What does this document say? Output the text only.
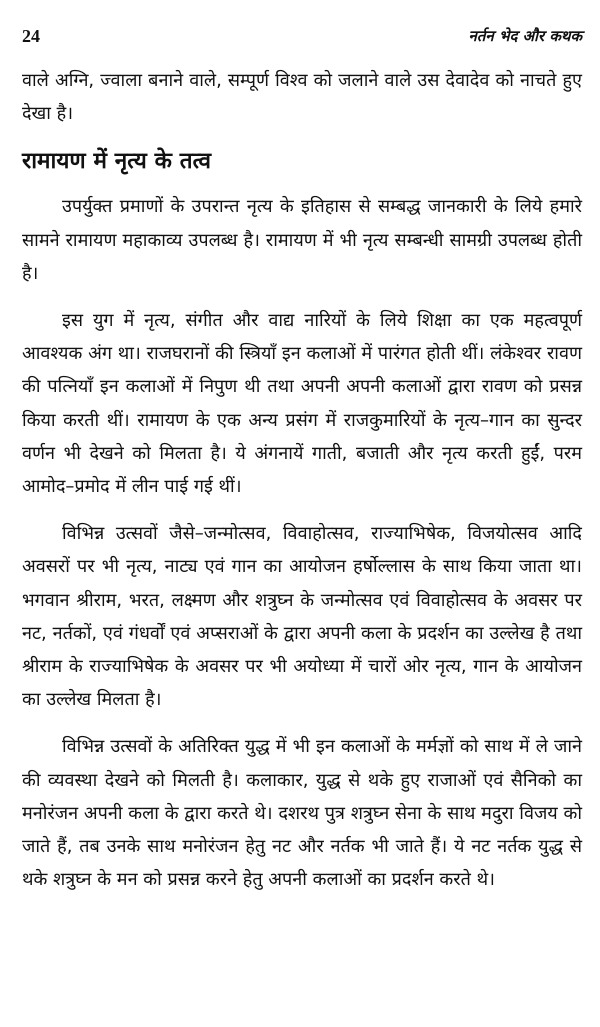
24	नर्तन भेद और कथक

वाले अग्नि, ज्वाला बनाने वाले, सम्पूर्ण विश्व को जलाने वाले उस देवादेव को नाचते हुए देखा है।

रामायण में नृत्य के तत्व

उपर्युक्त प्रमाणों के उपरान्त नृत्य के इतिहास से सम्बद्ध जानकारी के लिये हमारे सामने रामायण महाकाव्य उपलब्ध है। रामायण में भी नृत्य सम्बन्धी सामग्री उपलब्ध होती है।

इस युग में नृत्य, संगीत और वाद्य नारियों के लिये शिक्षा का एक महत्वपूर्ण आवश्यक अंग था। राजघरानों की स्त्रियाँ इन कलाओं में पारंगत होती थीं। लंकेश्वर रावण की पत्नियाँ इन कलाओं में निपुण थी तथा अपनी अपनी कलाओं द्वारा रावण को प्रसन्न किया करती थीं। रामायण के एक अन्य प्रसंग में राजकुमारियों के नृत्य–गान का सुन्दर वर्णन भी देखने को मिलता है। ये अंगनायें गाती, बजाती और नृत्य करती हुईं, परम आमोद–प्रमोद में लीन पाई गई थीं।

विभिन्न उत्सवों जैसे–जन्मोत्सव, विवाहोत्सव, राज्याभिषेक, विजयोत्सव आदि अवसरों पर भी नृत्य, नाट्य एवं गान का आयोजन हर्षोल्लास के साथ किया जाता था। भगवान श्रीराम, भरत, लक्ष्मण और शत्रुघ्न के जन्मोत्सव एवं विवाहोत्सव के अवसर पर नट, नर्तकों, एवं गंधर्वों एवं अप्सराओं के द्वारा अपनी कला के प्रदर्शन का उल्लेख है तथा श्रीराम के राज्याभिषेक के अवसर पर भी अयोध्या में चारों ओर नृत्य, गान के आयोजन का उल्लेख मिलता है।

विभिन्न उत्सवों के अतिरिक्त युद्ध में भी इन कलाओं के मर्मज्ञों को साथ में ले जाने की व्यवस्था देखने को मिलती है। कलाकार, युद्ध से थके हुए राजाओं एवं सैनिको का मनोरंजन अपनी कला के द्वारा करते थे। दशरथ पुत्र शत्रुघ्न सेना के साथ मदुरा विजय को जाते हैं, तब उनके साथ मनोरंजन हेतु नट और नर्तक भी जाते हैं। ये नट नर्तक युद्ध से थके शत्रुघ्न के मन को प्रसन्न करने हेतु अपनी कलाओं का प्रदर्शन करते थे।
